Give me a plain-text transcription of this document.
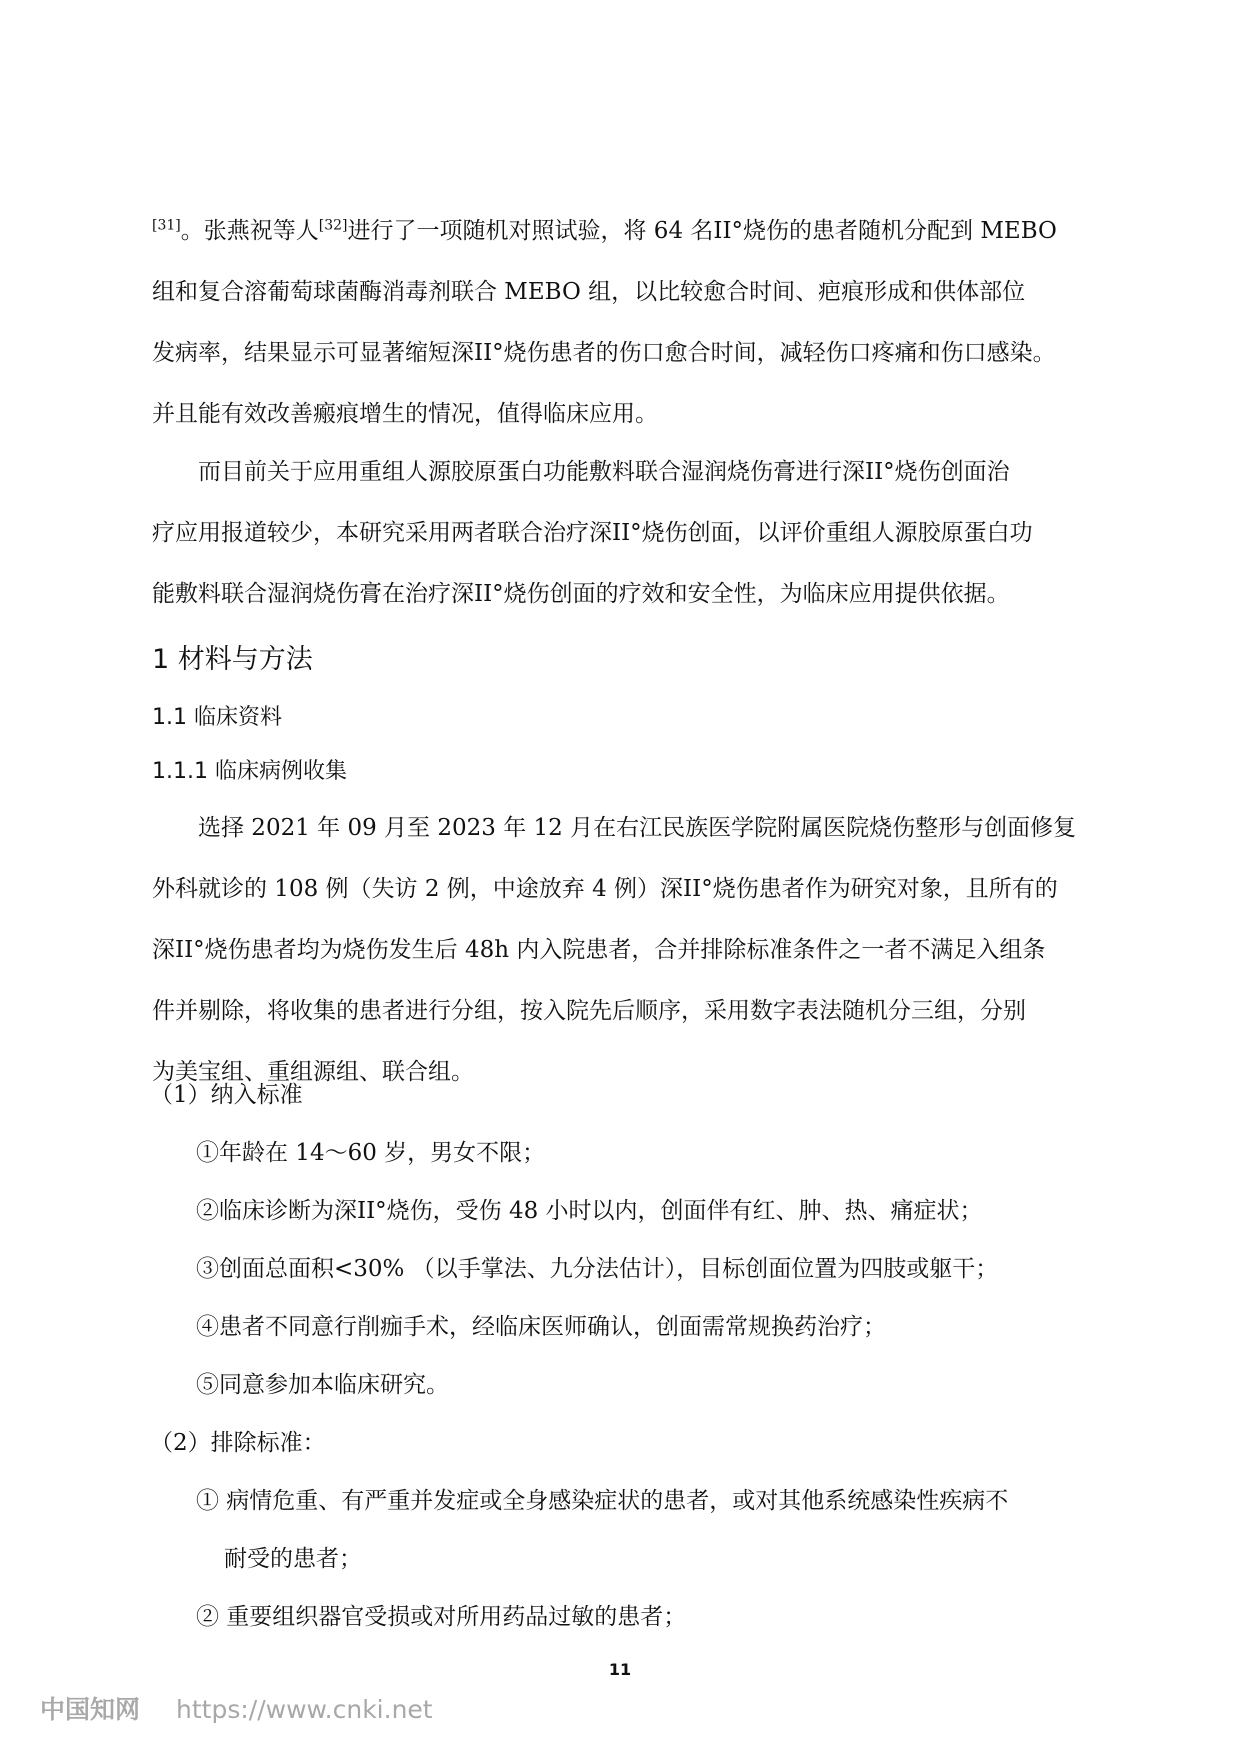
[31]。张燕祝等人[32]进行了一项随机对照试验，将 64 名II°烧伤的患者随机分配到 MEBO
组和复合溶葡萄球菌酶消毒剂联合 MEBO 组，以比较愈合时间、疤痕形成和供体部位
发病率，结果显示可显著缩短深II°烧伤患者的伤口愈合时间，减轻伤口疼痛和伤口感染。
并且能有效改善瘢痕增生的情况，值得临床应用。

而目前关于应用重组人源胶原蛋白功能敷料联合湿润烧伤膏进行深II°烧伤创面治
疗应用报道较少，本研究采用两者联合治疗深II°烧伤创面，以评价重组人源胶原蛋白功
能敷料联合湿润烧伤膏在治疗深II°烧伤创面的疗效和安全性，为临床应用提供依据。

1 材料与方法
1.1 临床资料
1.1.1 临床病例收集

选择 2021 年 09 月至 2023 年 12 月在右江民族医学院附属医院烧伤整形与创面修复
外科就诊的 108 例（失访 2 例，中途放弃 4 例）深II°烧伤患者作为研究对象，且所有的
深II°烧伤患者均为烧伤发生后 48h 内入院患者，合并排除标准条件之一者不满足入组条
件并剔除，将收集的患者进行分组，按入院先后顺序，采用数字表法随机分三组，分别
为美宝组、重组源组、联合组。

（1）纳入标准
①年龄在 14～60 岁，男女不限；
②临床诊断为深II°烧伤，受伤 48 小时以内，创面伴有红、肿、热、痛症状；
③创面总面积<30% （以手掌法、九分法估计），目标创面位置为四肢或躯干；
④患者不同意行削痂手术，经临床医师确认，创面需常规换药治疗；
⑤同意参加本临床研究。
（2）排除标准：
① 病情危重、有严重并发症或全身感染症状的患者，或对其他系统感染性疾病不
耐受的患者；
② 重要组织器官受损或对所用药品过敏的患者；
11
中国知网 https://www.cnki.net
